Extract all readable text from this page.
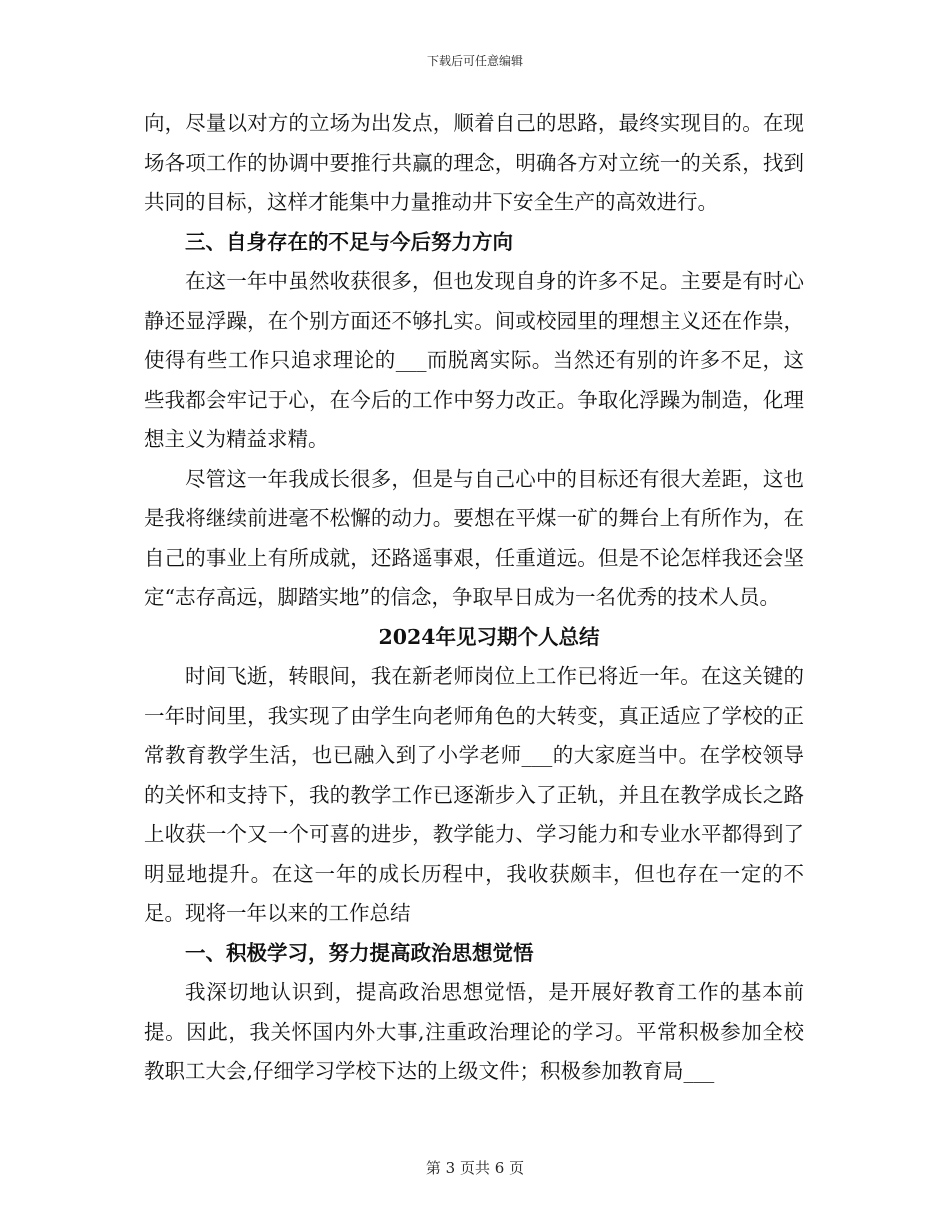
下载后可任意编辑

向，尽量以对方的立场为出发点，顺着自己的思路，最终实现目的。在现场各项工作的协调中要推行共赢的理念，明确各方对立统一的关系，找到共同的目标，这样才能集中力量推动井下安全生产的高效进行。

三、自身存在的不足与今后努力方向

在这一年中虽然收获很多，但也发现自身的许多不足。主要是有时心静还显浮躁，在个别方面还不够扎实。间或校园里的理想主义还在作祟，使得有些工作只追求理论的___而脱离实际。当然还有别的许多不足，这些我都会牢记于心，在今后的工作中努力改正。争取化浮躁为制造，化理想主义为精益求精。

尽管这一年我成长很多，但是与自己心中的目标还有很大差距，这也是我将继续前进毫不松懈的动力。要想在平煤一矿的舞台上有所作为，在自己的事业上有所成就，还路遥事艰，任重道远。但是不论怎样我还会坚定“志存高远，脚踏实地”的信念，争取早日成为一名优秀的技术人员。

2024年见习期个人总结

时间飞逝，转眼间，我在新老师岗位上工作已将近一年。在这关键的一年时间里，我实现了由学生向老师角色的大转变，真正适应了学校的正常教育教学生活，也已融入到了小学老师___的大家庭当中。在学校领导的关怀和支持下，我的教学工作已逐渐步入了正轨，并且在教学成长之路上收获一个又一个可喜的进步，教学能力、学习能力和专业水平都得到了明显地提升。在这一年的成长历程中，我收获颇丰，但也存在一定的不足。现将一年以来的工作总结

一、积极学习，努力提高政治思想觉悟

我深切地认识到，提高政治思想觉悟，是开展好教育工作的基本前提。因此，我关怀国内外大事,注重政治理论的学习。平常积极参加全校教职工大会,仔细学习学校下达的上级文件；积极参加教育局___

第 3 页共 6 页
